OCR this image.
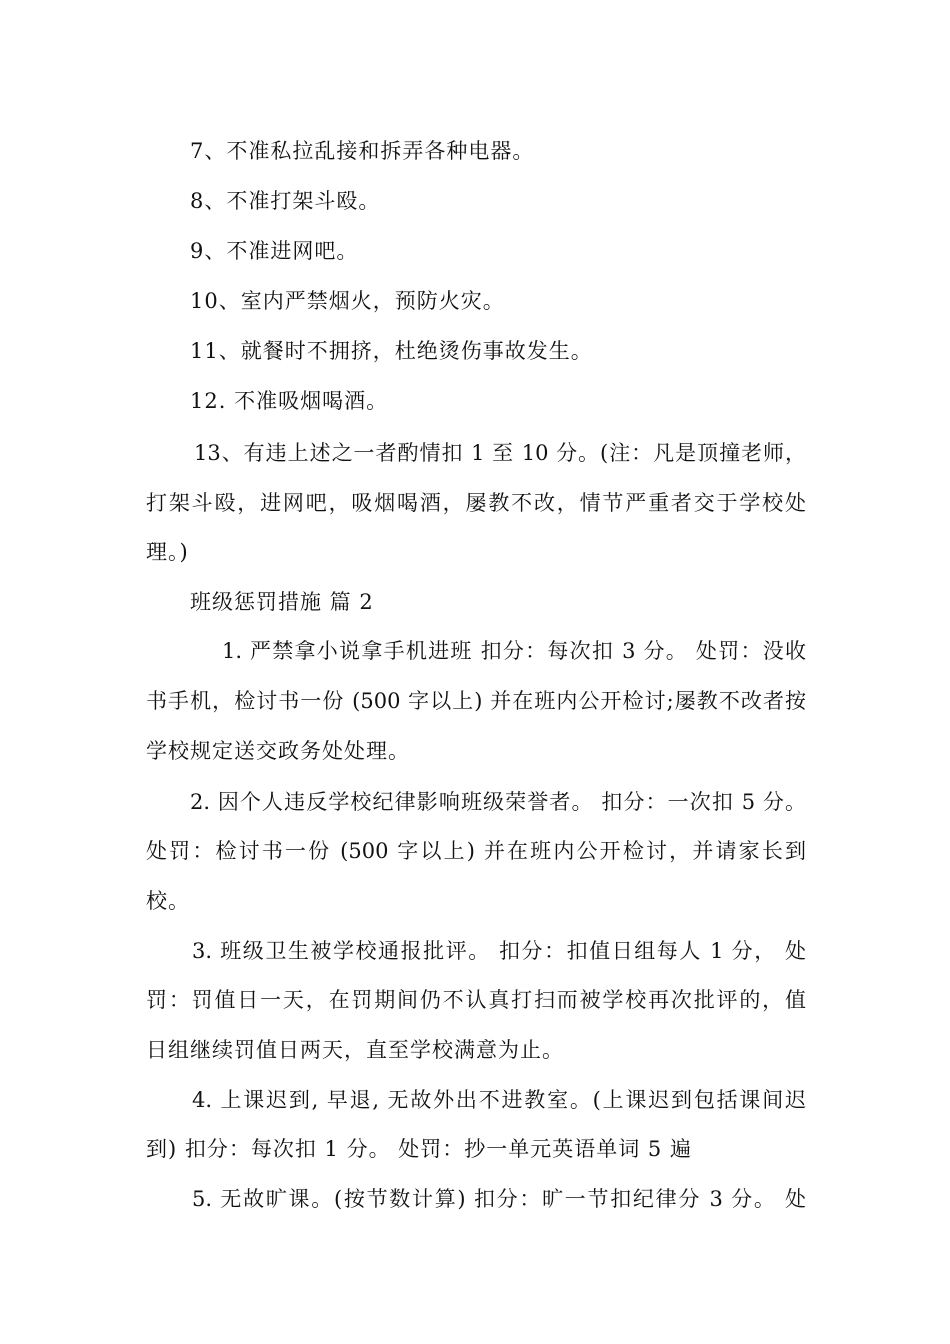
7、不准私拉乱接和拆弄各种电器。
8、不准打架斗殴。
9、不准进网吧。
10、室内严禁烟火，预防火灾。
11、就餐时不拥挤，杜绝烫伤事故发生。
12. 不准吸烟喝酒。
13、有违上述之一者酌情扣 1 至 10 分。(注：凡是顶撞老师，
打架斗殴，进网吧，吸烟喝酒，屡教不改，情节严重者交于学校处
理。)
班级惩罚措施 篇 2
1. 严禁拿小说拿手机进班 扣分：每次扣 3 分。 处罚：没收
书手机，检讨书一份 (500 字以上) 并在班内公开检讨;屡教不改者按
学校规定送交政务处处理。
2. 因个人违反学校纪律影响班级荣誉者。 扣分：一次扣 5 分。
处罚：检讨书一份 (500 字以上) 并在班内公开检讨，并请家长到
校。
3. 班级卫生被学校通报批评。 扣分：扣值日组每人 1 分， 处
罚：罚值日一天，在罚期间仍不认真打扫而被学校再次批评的，值
日组继续罚值日两天，直至学校满意为止。
4. 上课迟到, 早退, 无故外出不进教室。(上课迟到包括课间迟
到) 扣分：每次扣 1 分。 处罚：抄一单元英语单词 5 遍
5. 无故旷课。(按节数计算) 扣分：旷一节扣纪律分 3 分。 处
